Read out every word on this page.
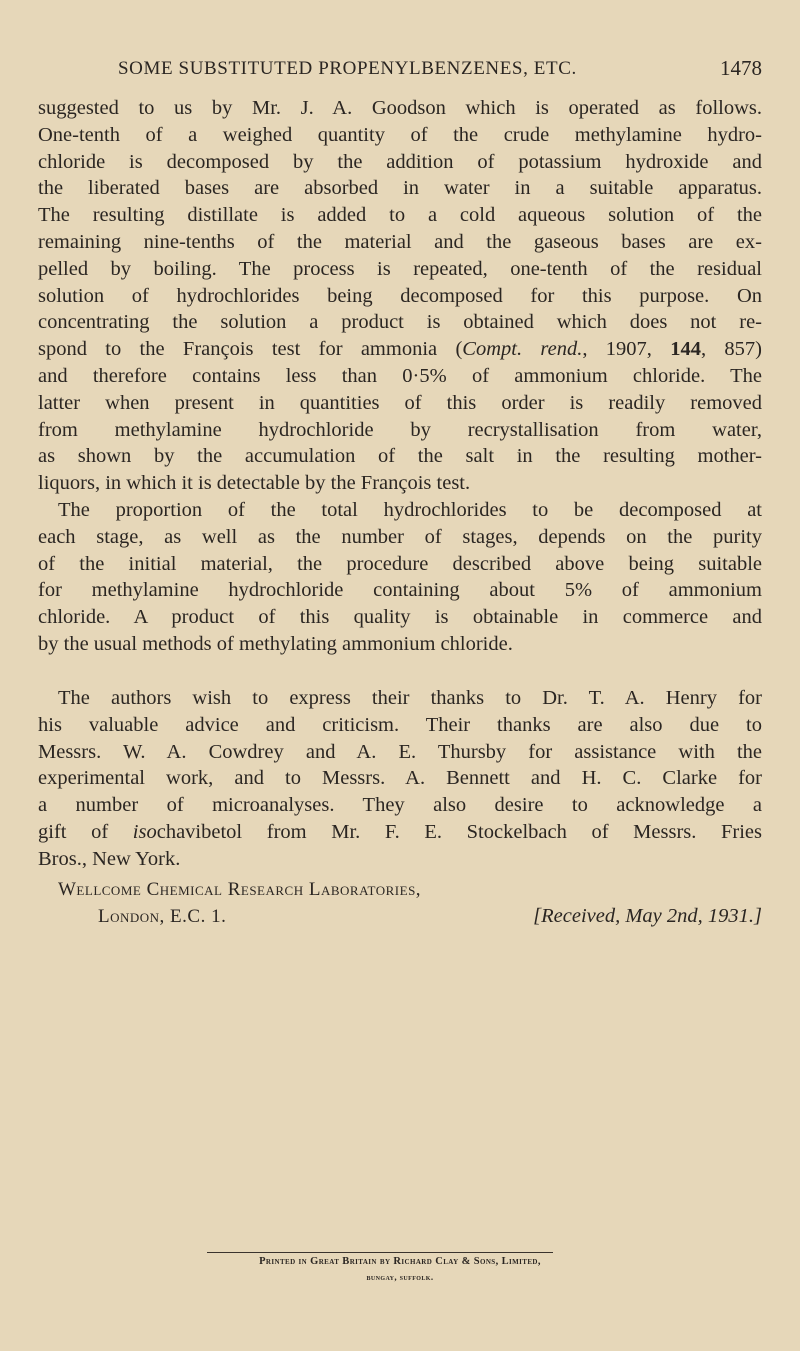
SOME SUBSTITUTED PROPENYLBENZENES, ETC.	1478
suggested to us by Mr. J. A. Goodson which is operated as follows.
One-tenth of a weighed quantity of the crude methylamine hydro-
chloride is decomposed by the addition of potassium hydroxide and
the liberated bases are absorbed in water in a suitable apparatus.
The resulting distillate is added to a cold aqueous solution of the
remaining nine-tenths of the material and the gaseous bases are ex-
pelled by boiling. The process is repeated, one-tenth of the residual
solution of hydrochlorides being decomposed for this purpose. On
concentrating the solution a product is obtained which does not re-
spond to the François test for ammonia (Compt. rend., 1907, 144, 857)
and therefore contains less than 0·5% of ammonium chloride. The
latter when present in quantities of this order is readily removed
from methylamine hydrochloride by recrystallisation from water,
as shown by the accumulation of the salt in the resulting mother-
liquors, in which it is detectable by the François test.
The proportion of the total hydrochlorides to be decomposed at
each stage, as well as the number of stages, depends on the purity
of the initial material, the procedure described above being suitable
for methylamine hydrochloride containing about 5% of ammonium
chloride. A product of this quality is obtainable in commerce and
by the usual methods of methylating ammonium chloride.
The authors wish to express their thanks to Dr. T. A. Henry for
his valuable advice and criticism. Their thanks are also due to
Messrs. W. A. Cowdrey and A. E. Thursby for assistance with the
experimental work, and to Messrs. A. Bennett and H. C. Clarke for
a number of microanalyses. They also desire to acknowledge a
gift of isochavibetol from Mr. F. E. Stockelbach of Messrs. Fries
Bros., New York.
Wellcome Chemical Research Laboratories,
London, E.C. 1.	[Received, May 2nd, 1931.]
Printed in Great Britain by Richard Clay & Sons, Limited,
bungay, suffolk.
